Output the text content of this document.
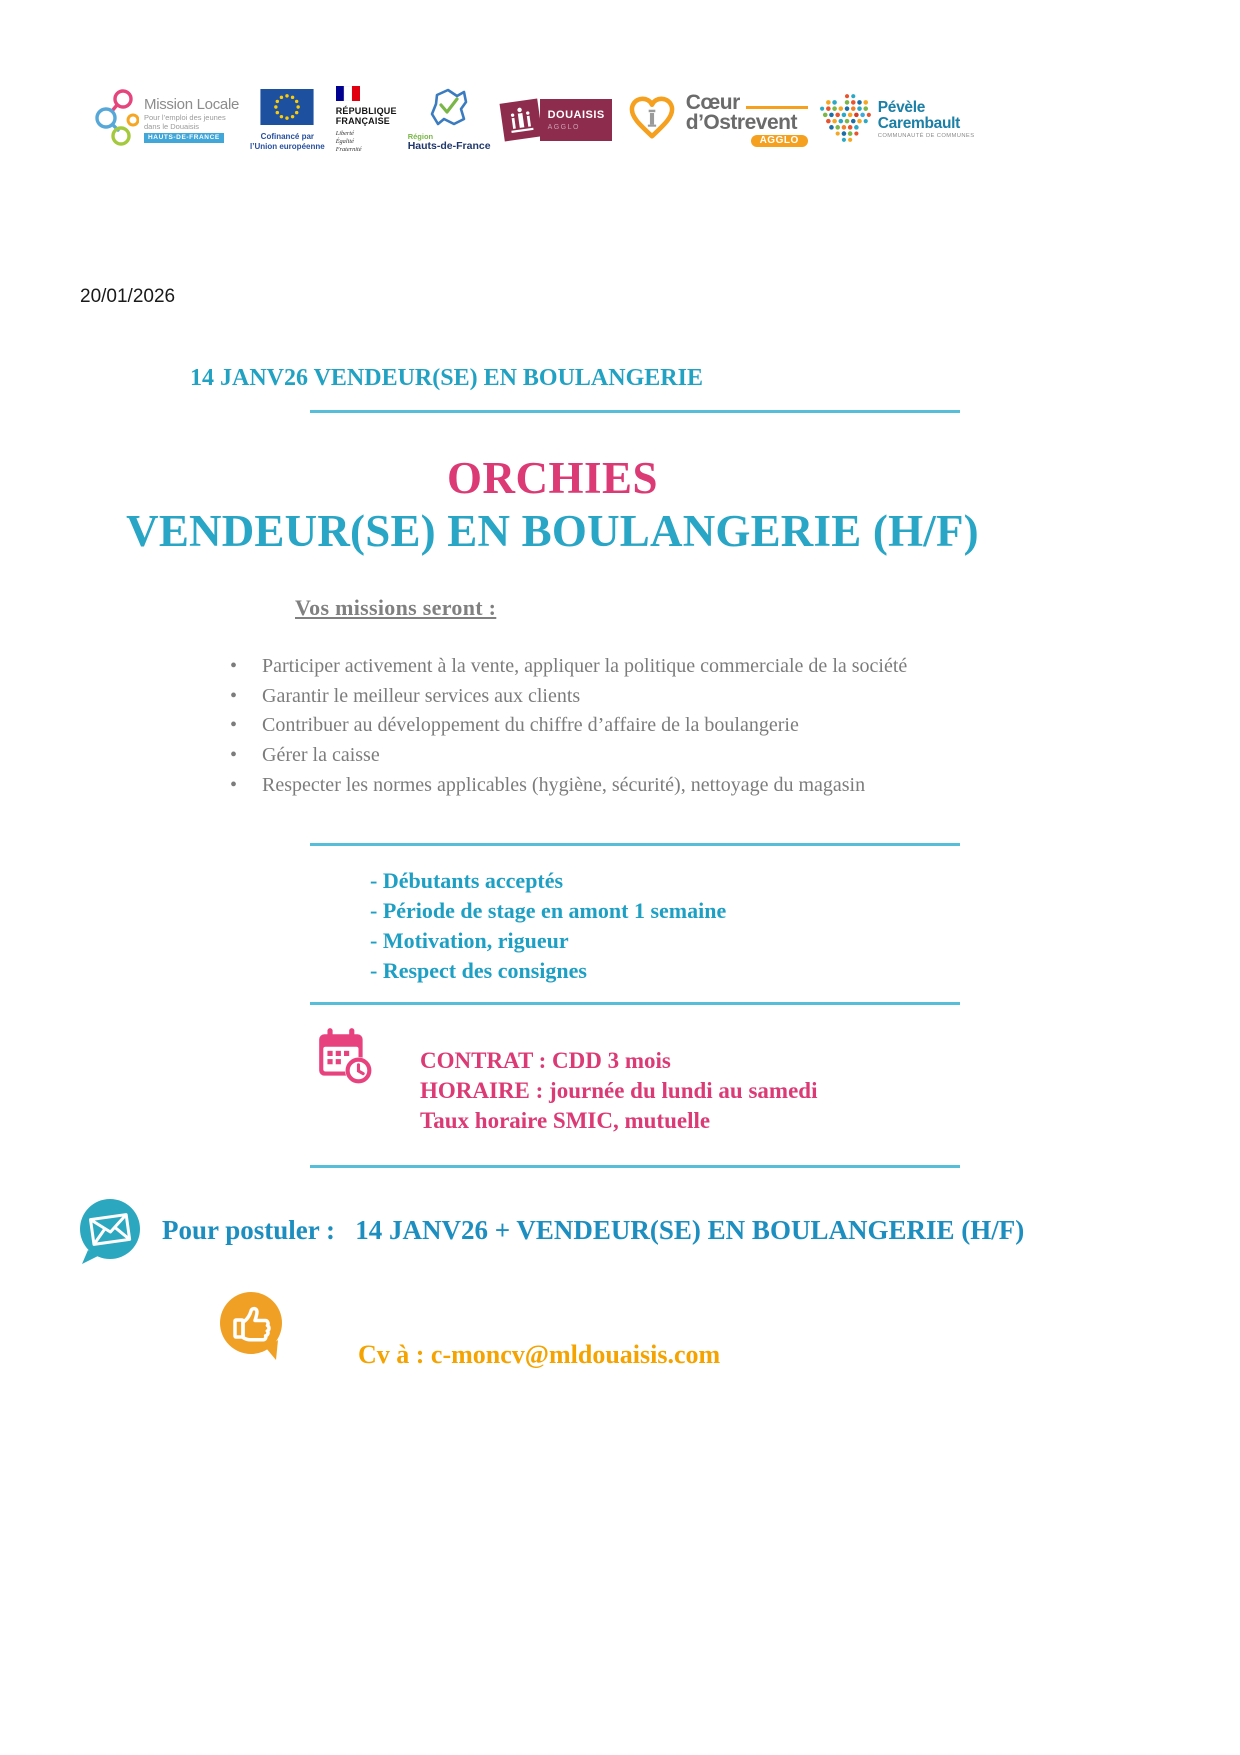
Mission Locale
Pour l’emploi des jeunes
dans le Douaisis
HAUTS-DE-FRANCE	Cofinancé par
l’Union européenne
RÉPUBLIQUE
FRANÇAISE
Liberté
Égalité
Fraternité
Région
Hauts-de-France
DOUAISIS
AGGLO
Cœur
d’Ostrevent
AGGLO
Pévèle
Carembault
COMMUNAUTÉ DE COMMUNES
20/01/2026
14 JANV26 VENDEUR(SE) EN BOULANGERIE
ORCHIES
VENDEUR(SE) EN BOULANGERIE (H/F)
Vos missions seront :
• Participer activement à la vente, appliquer la politique commerciale de la société
• Garantir le meilleur services aux clients
• Contribuer au développement du chiffre d’affaire de la boulangerie
• Gérer la caisse
• Respecter les normes applicables (hygiène, sécurité), nettoyage du magasin
- Débutants acceptés
- Période de stage en amont 1 semaine
- Motivation, rigueur
- Respect des consignes
CONTRAT : CDD 3 mois
HORAIRE : journée du lundi au samedi
Taux horaire SMIC, mutuelle
Pour postuler : 14 JANV26 + VENDEUR(SE) EN BOULANGERIE (H/F)
Cv à : c-moncv@mldouaisis.com
